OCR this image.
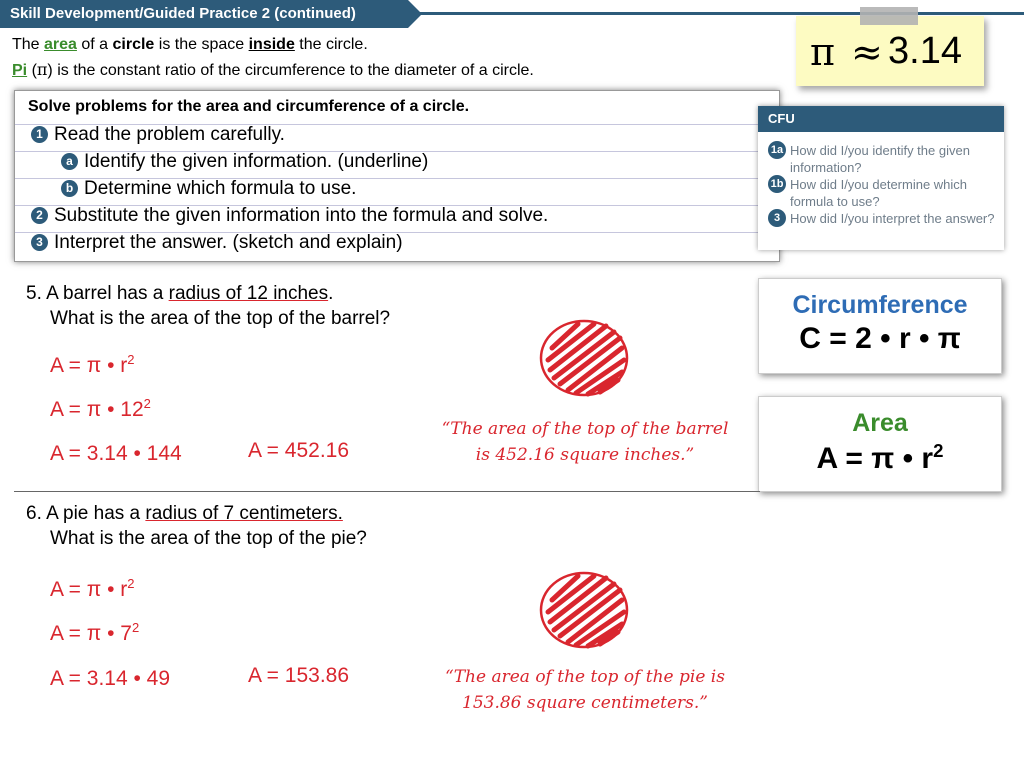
Skill Development/Guided Practice 2 (continued)
The area of a circle is the space inside the circle.
Pi (π) is the constant ratio of the circumference to the diameter of a circle.	π ≈ 3.14
Solve problems for the area and circumference of a circle.
1 Read the problem carefully.
a Identify the given information. (underline)
b Determine which formula to use.
2 Substitute the given information into the formula and solve.
3 Interpret the answer. (sketch and explain)
CFU
1a How did I/you identify the given information?
1b How did I/you determine which formula to use?
3 How did I/you interpret the answer?
Circumference
C = 2 • r • π
Area
A = π • $r^2$
5. A barrel has a radius of 12 inches.
What is the area of the top of the barrel?
A = π • $r^2$
A = π • $12^2$
A = 3.14 • 144	A = 452.16
“The area of the top of the barrel is 452.16 square inches.”
6. A pie has a radius of 7 centimeters.
What is the area of the top of the pie?
A = π • $r^2$
A = π • $7^2$
A = 3.14 • 49	A = 153.86	“The area of the top of the pie is 153.86 square centimeters.”
